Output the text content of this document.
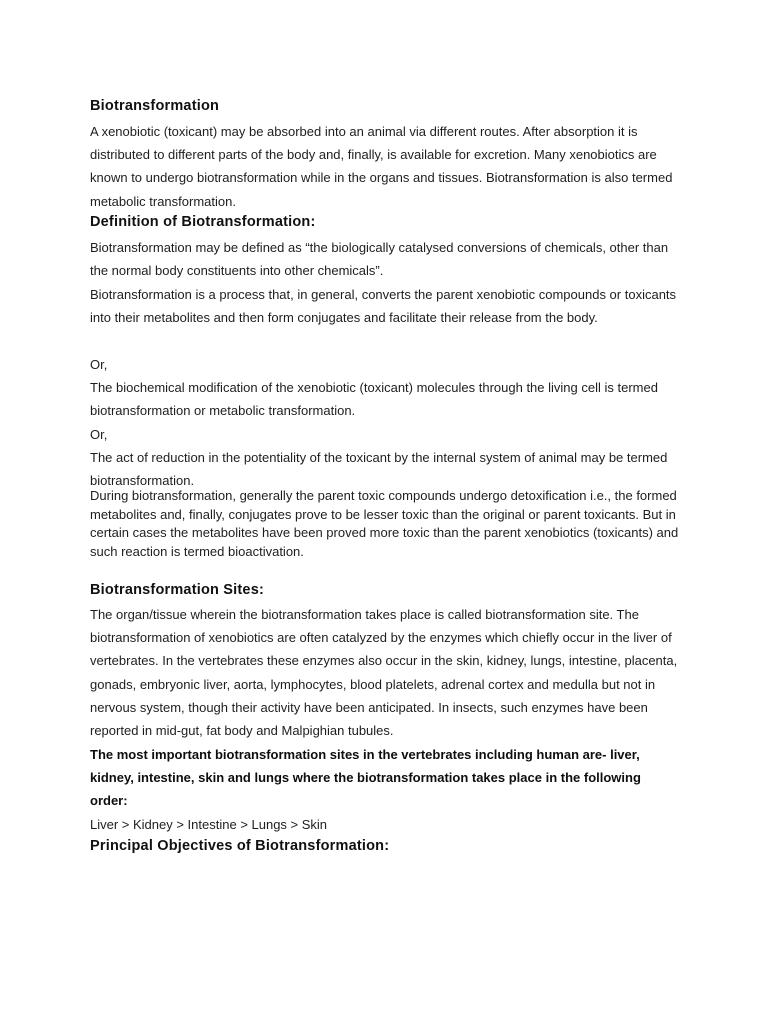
Biotransformation

A xenobiotic (toxicant) may be absorbed into an animal via different routes. After absorption it is distributed to different parts of the body and, finally, is available for excretion. Many xenobiotics are known to undergo biotransformation while in the organs and tissues. Biotransformation is also termed metabolic transformation.

Definition of Biotransformation:

Biotransformation may be defined as “the biologically catalysed conversions of chemicals, other than the normal body constituents into other chemicals”.

Biotransformation is a process that, in general, converts the parent xenobiotic compounds or toxicants into their metabolites and then form conjugates and facilitate their release from the body.

Or,

The biochemical modification of the xenobiotic (toxicant) molecules through the living cell is termed biotransformation or metabolic transformation.

Or,

The act of reduction in the potentiality of the toxicant by the internal system of animal may be termed biotransformation.

During biotransformation, generally the parent toxic compounds undergo detoxification i.e., the formed metabolites and, finally, conjugates prove to be lesser toxic than the original or parent toxicants. But in certain cases the metabolites have been proved more toxic than the parent xenobiotics (toxicants) and such reaction is termed bioactivation.

Biotransformation Sites:

The organ/tissue wherein the biotransformation takes place is called biotransformation site. The biotransformation of xenobiotics are often catalyzed by the enzymes which chiefly occur in the liver of vertebrates. In the vertebrates these enzymes also occur in the skin, kidney, lungs, intestine, placenta, gonads, embryonic liver, aorta, lymphocytes, blood platelets, adrenal cortex and medulla but not in nervous system, though their activity have been anticipated. In insects, such enzymes have been reported in mid-gut, fat body and Malpighian tubules.

The most important biotransformation sites in the vertebrates including human are- liver, kidney, intestine, skin and lungs where the biotransformation takes place in the following order:

Liver > Kidney > Intestine > Lungs > Skin

Principal Objectives of Biotransformation:
